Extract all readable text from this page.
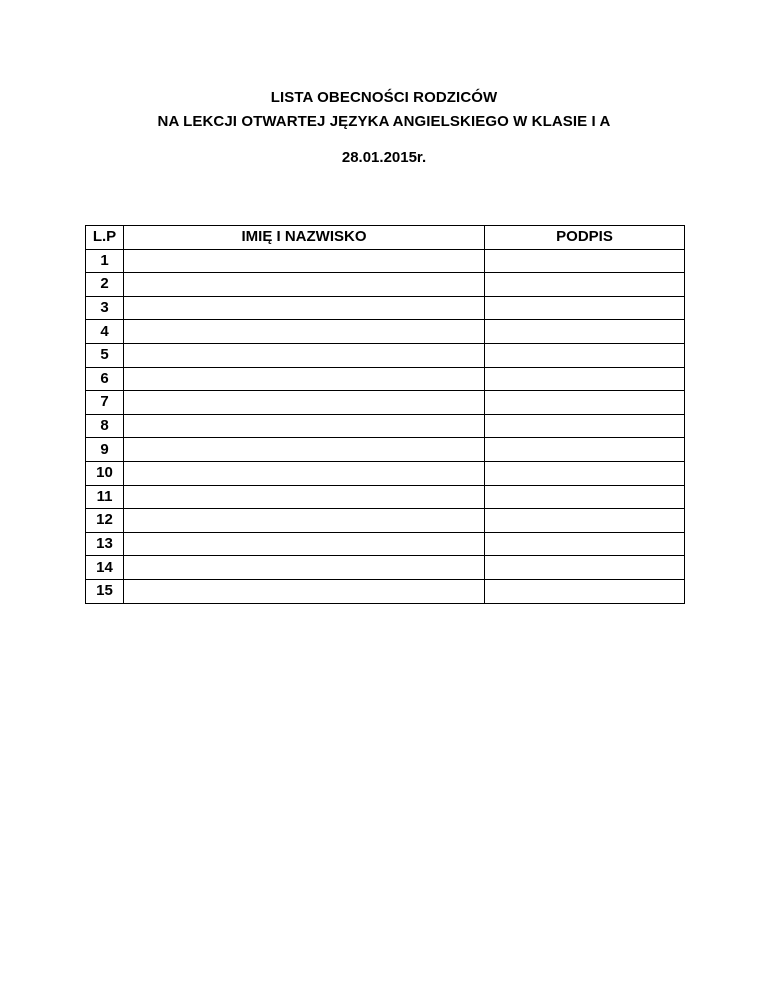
LISTA OBECNOŚCI RODZICÓW
NA LEKCJI OTWARTEJ JĘZYKA ANGIELSKIEGO W KLASIE I A
28.01.2015r.
L.P	IMIĘ I NAZWISKO	PODPIS
1		
2		
3		
4		
5		
6		
7		
8		
9		
10		
11		
12		
13		
14		
15		
